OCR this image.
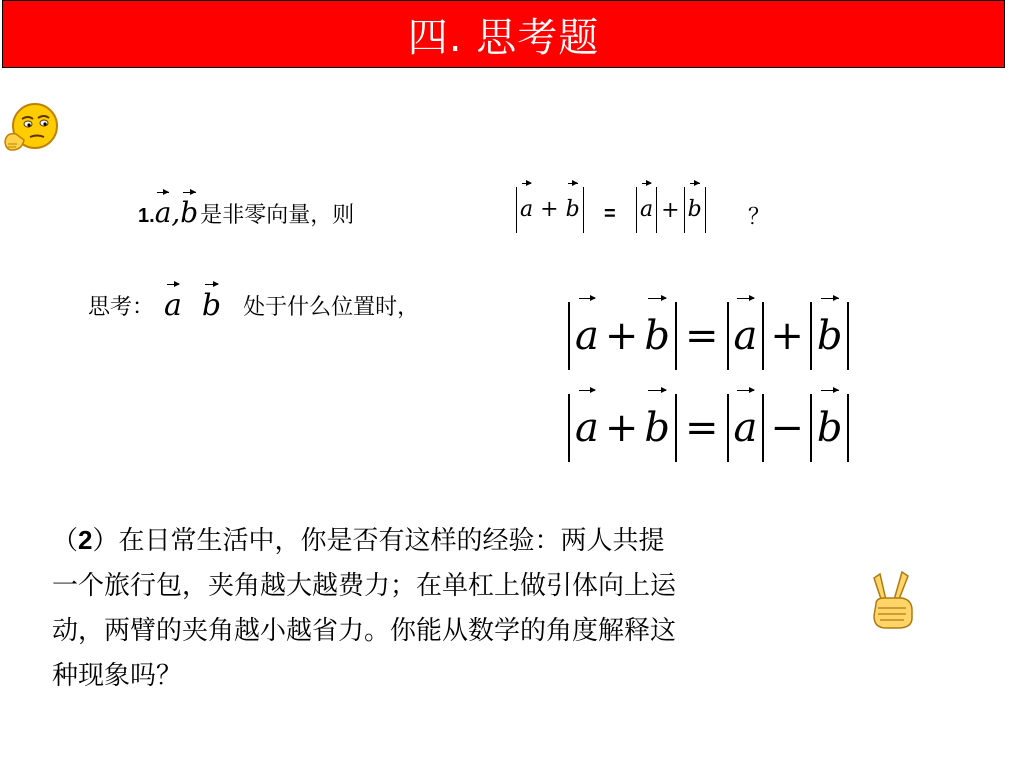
四. 思考题
1. a,b 是非零向量，则	a + b = a + b ？
思考： a b 处于什么位置时，
a + b = a + b
a + b = a − b
（2）在日常生活中，你是否有这样的经验：两人共提
一个旅行包，夹角越大越费力；在单杠上做引体向上运
动，两臂的夹角越小越省力。你能从数学的角度解释这
种现象吗？
